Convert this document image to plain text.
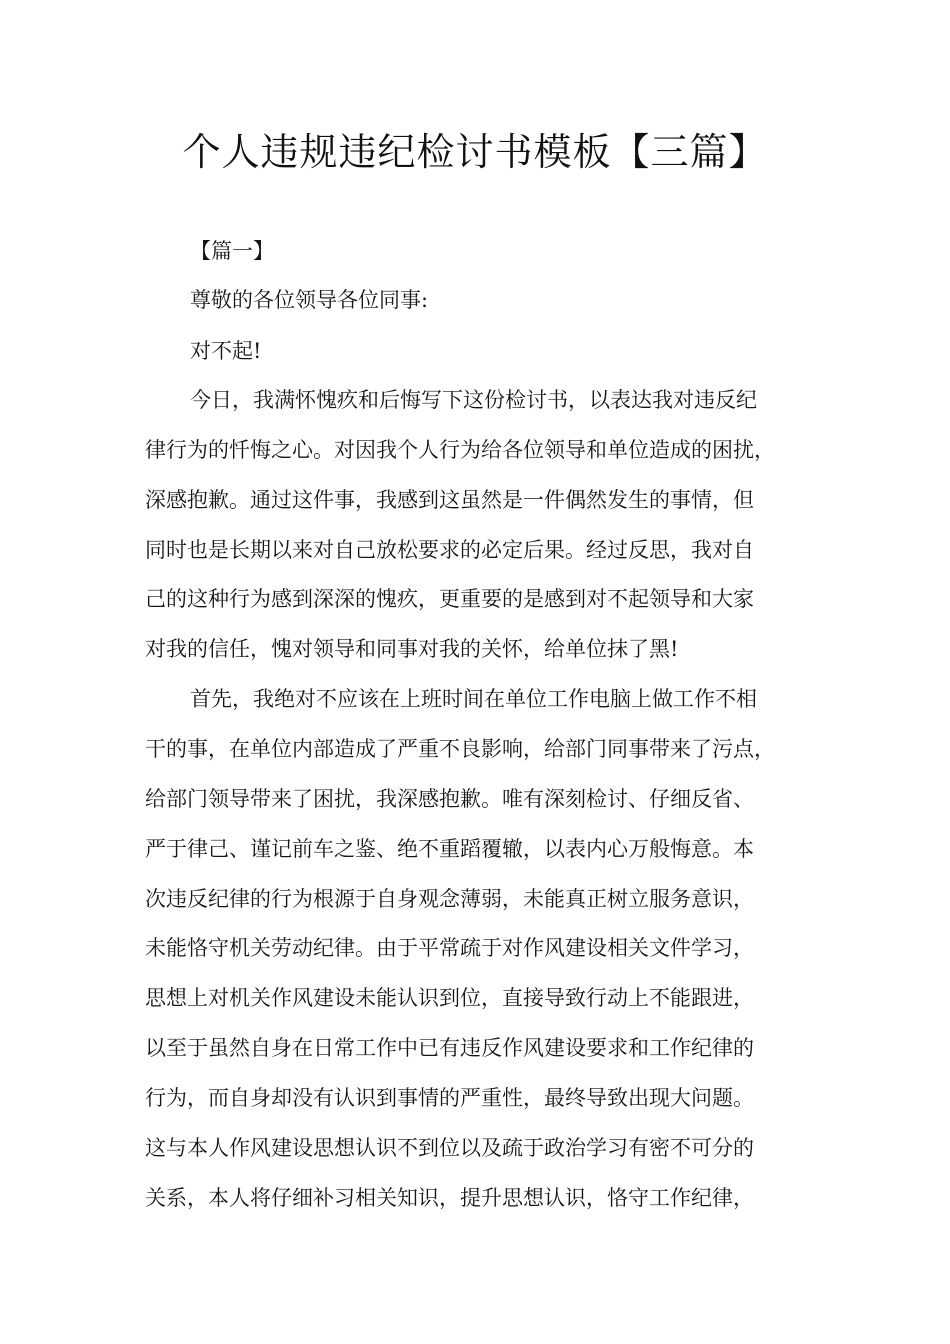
个人违规违纪检讨书模板【三篇】
【篇一】
尊敬的各位领导各位同事:
对不起!
今日，我满怀愧疚和后悔写下这份检讨书，以表达我对违反纪
律行为的忏悔之心。对因我个人行为给各位领导和单位造成的困扰，
深感抱歉。通过这件事，我感到这虽然是一件偶然发生的事情，但
同时也是长期以来对自己放松要求的必定后果。经过反思，我对自
己的这种行为感到深深的愧疚，更重要的是感到对不起领导和大家
对我的信任，愧对领导和同事对我的关怀，给单位抹了黑!
首先，我绝对不应该在上班时间在单位工作电脑上做工作不相
干的事，在单位内部造成了严重不良影响，给部门同事带来了污点，
给部门领导带来了困扰，我深感抱歉。唯有深刻检讨、仔细反省、
严于律己、谨记前车之鉴、绝不重蹈覆辙，以表内心万般悔意。本
次违反纪律的行为根源于自身观念薄弱，未能真正树立服务意识，
未能恪守机关劳动纪律。由于平常疏于对作风建设相关文件学习，
思想上对机关作风建设未能认识到位，直接导致行动上不能跟进，
以至于虽然自身在日常工作中已有违反作风建设要求和工作纪律的
行为，而自身却没有认识到事情的严重性，最终导致出现大问题。
这与本人作风建设思想认识不到位以及疏于政治学习有密不可分的
关系，本人将仔细补习相关知识，提升思想认识，恪守工作纪律，
